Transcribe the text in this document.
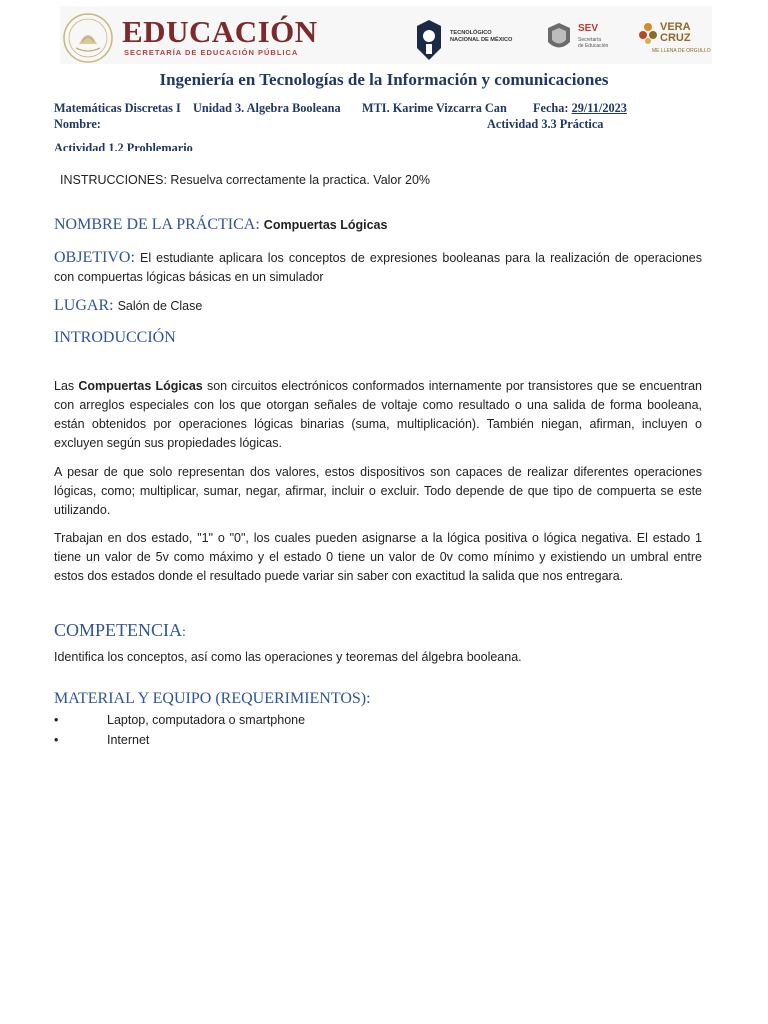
EDUCACIÓN
SECRETARÍA DE EDUCACIÓN PÚBLICA
TECNOLÓGICO
NACIONAL DE MÉXICO
SEV
Secretaría
de Educación
VERA
CRUZ
ME LLENA DE ORGULLO
Ingeniería en Tecnologías de la Información y comunicaciones
Matemáticas Discretas I Unidad 3. Algebra Booleana MTI. Karime Vizcarra Can Fecha: 29/11/2023
Nombre:	Actividad 3.3 Práctica
Actividad 1.2 Problemario
INSTRUCCIONES: Resuelva correctamente la practica. Valor 20%
NOMBRE DE LA PRÁCTICA: Compuertas Lógicas

OBJETIVO: El estudiante aplicara los conceptos de expresiones booleanas para la realización de operaciones con compuertas lógicas básicas en un simulador

LUGAR: Salón de Clase
INTRODUCCIÓN

Las Compuertas Lógicas son circuitos electrónicos conformados internamente por transistores que se encuentran con arreglos especiales con los que otorgan señales de voltaje como resultado o una salida de forma booleana, están obtenidos por operaciones lógicas binarias (suma, multiplicación). También niegan, afirman, incluyen o excluyen según sus propiedades lógicas.

A pesar de que solo representan dos valores, estos dispositivos son capaces de realizar diferentes operaciones lógicas, como; multiplicar, sumar, negar, afirmar, incluir o excluir. Todo depende de que tipo de compuerta se este utilizando.

Trabajan en dos estado, "1" o "0", los cuales pueden asignarse a la lógica positiva o lógica negativa. El estado 1 tiene un valor de 5v como máximo y el estado 0 tiene un valor de 0v como mínimo y existiendo un umbral entre estos dos estados donde el resultado puede variar sin saber con exactitud la salida que nos entregara.

COMPETENCIA:
Identifica los conceptos, así como las operaciones y teoremas del álgebra booleana.
MATERIAL Y EQUIPO (REQUERIMIENTOS):
•	Laptop, computadora o smartphone
•	Internet
